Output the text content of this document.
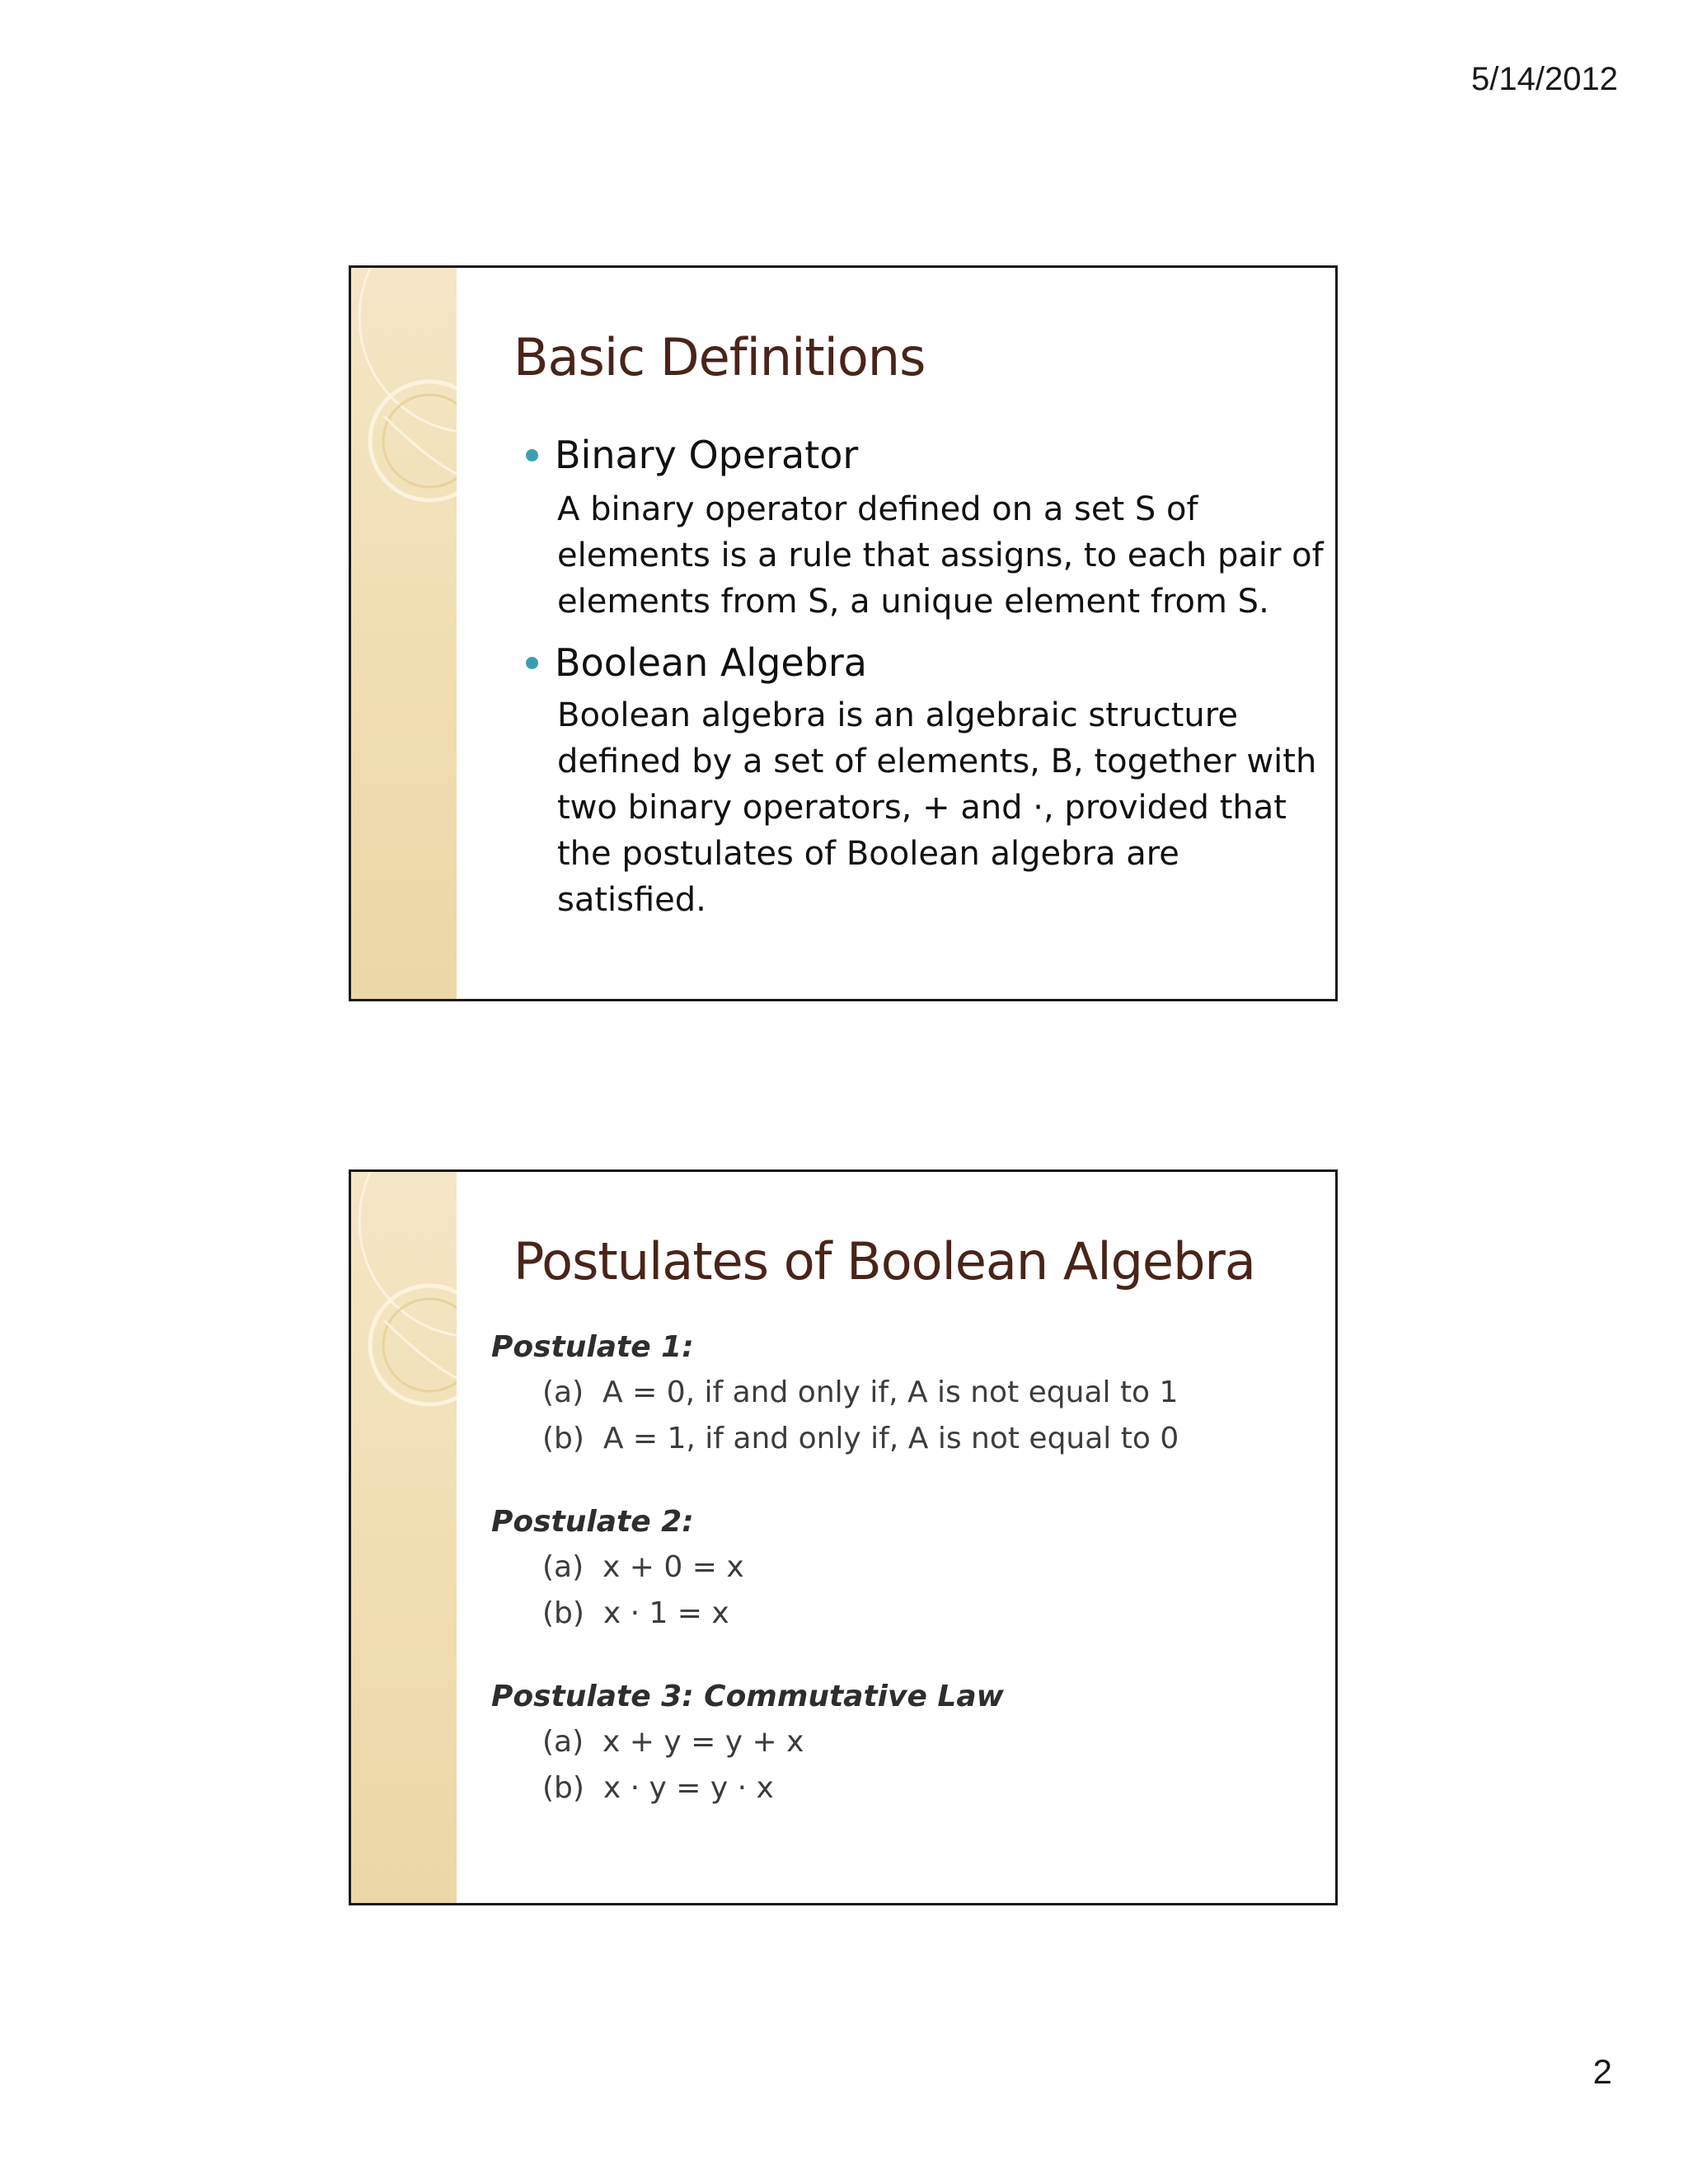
5/14/2012
Basic Definitions
Binary Operator
A binary operator defined on a set S of elements is a rule that assigns, to each pair of elements from S, a unique element from S.
Boolean Algebra
Boolean algebra is an algebraic structure defined by a set of elements, B, together with two binary operators, + and ·, provided that the postulates of Boolean algebra are satisfied.
Postulates of Boolean Algebra
Postulate 1:
(a)  A = 0, if and only if, A is not equal to 1
(b)  A = 1, if and only if, A is not equal to 0
Postulate 2:
(a)  x + 0 = x
(b)  x · 1 = x
Postulate 3: Commutative Law
(a)  x + y = y + x
(b)  x · y = y · x
2
